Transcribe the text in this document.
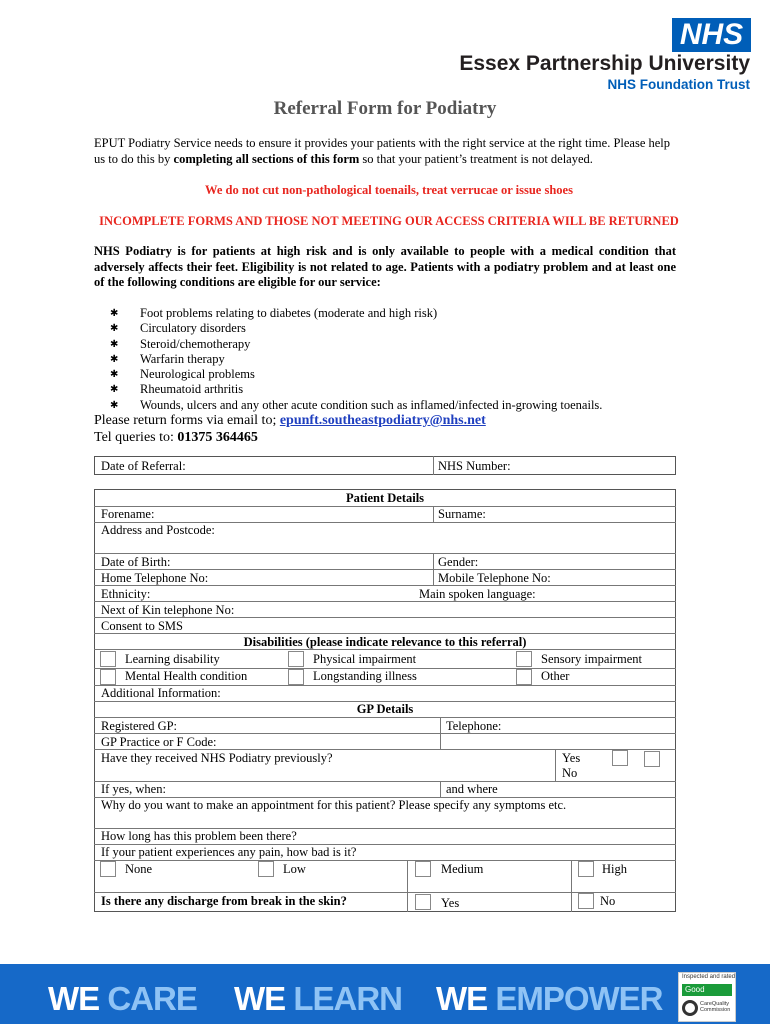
NHS
Essex Partnership University
NHS Foundation Trust
Referral Form for Podiatry
EPUT Podiatry Service needs to ensure it provides your patients with the right service at the right time. Please help us to do this by completing all sections of this form so that your patient’s treatment is not delayed.
We do not cut non-pathological toenails, treat verrucae or issue shoes
INCOMPLETE FORMS AND THOSE NOT MEETING OUR ACCESS CRITERIA WILL BE RETURNED
NHS Podiatry is for patients at high risk and is only available to people with a medical condition that adversely affects their feet. Eligibility is not related to age. Patients with a podiatry problem and at least one of the following conditions are eligible for our service:
✱ Foot problems relating to diabetes (moderate and high risk)
✱ Circulatory disorders
✱ Steroid/chemotherapy
✱ Warfarin therapy
✱ Neurological problems
✱ Rheumatoid arthritis
✱ Wounds, ulcers and any other acute condition such as inflamed/infected in-growing toenails.
Please return forms via email to; epunft.southeastpodiatry@nhs.net
Tel queries to: 01375 364465
Date of Referral:	NHS Number:
Patient Details
Forename:	Surname:
Address and Postcode:
Date of Birth:	Gender:
Home Telephone No:	Mobile Telephone No:
Ethnicity:	Main spoken language:
Next of Kin telephone No:
Consent to SMS
Disabilities (please indicate relevance to this referral)
Learning disability	Physical impairment	Sensory impairment
Mental Health condition	Longstanding illness	Other
Additional Information:
GP Details
Registered GP:	Telephone:
GP Practice or F Code:
Have they received NHS Podiatry previously?	Yes
No
If yes, when:	and where
Why do you want to make an appointment for this patient? Please specify any symptoms etc.
How long has this problem been there?
If your patient experiences any pain, how bad is it?
None	Low	Medium	High
Is there any discharge from break in the skin?	Yes	No
WE CARE WE LEARN WE EMPOWER
Inspected and rated
Good
CareQuality
Commission
